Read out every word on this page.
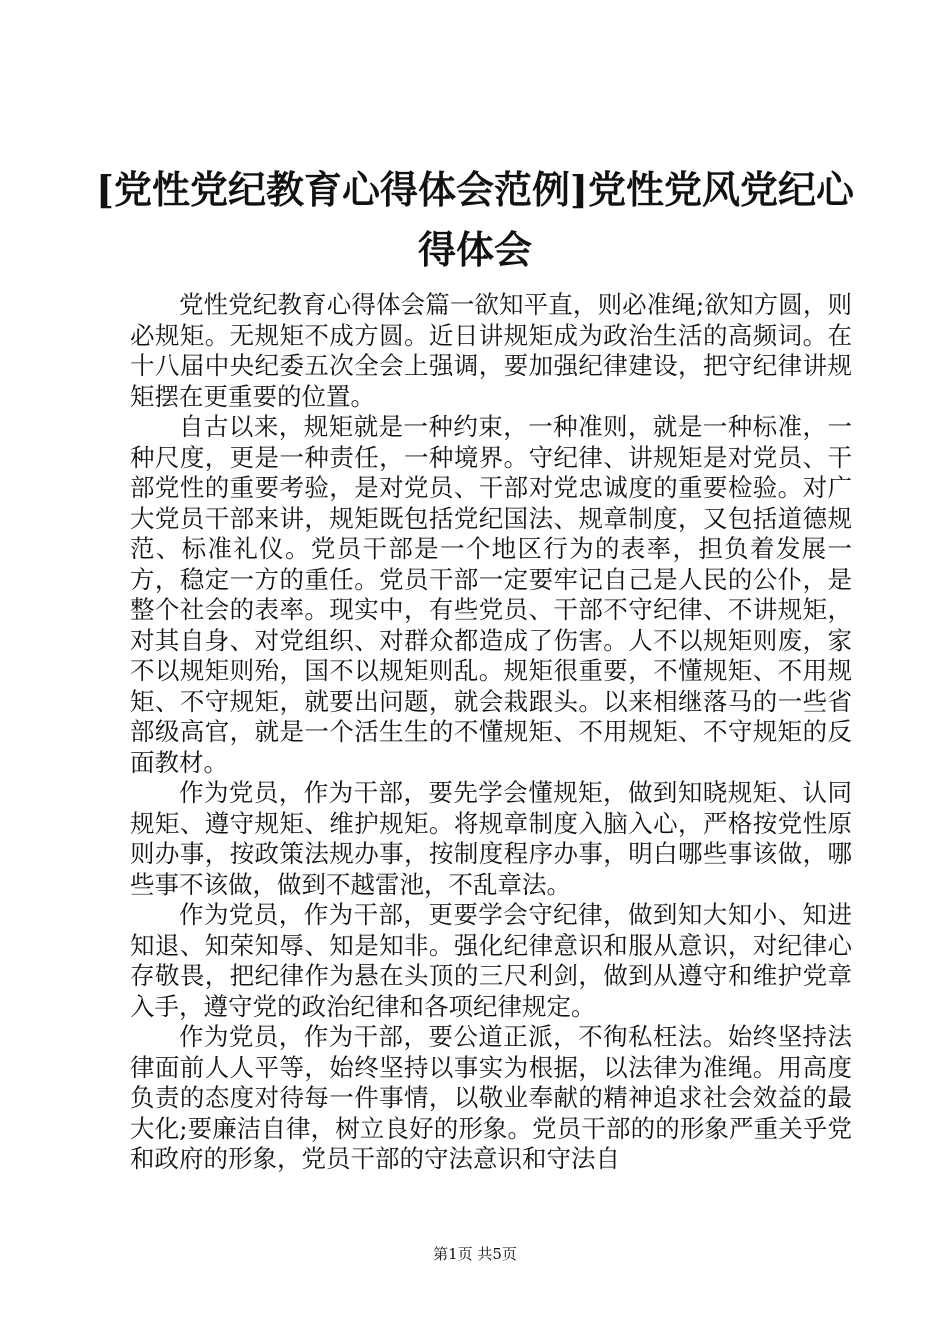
[党性党纪教育心得体会范例]党性党风党纪心得体会

党性党纪教育心得体会篇一欲知平直，则必准绳;欲知方圆，则必规矩。无规矩不成方圆。近日讲规矩成为政治生活的高频词。在十八届中央纪委五次全会上强调，要加强纪律建设，把守纪律讲规矩摆在更重要的位置。

自古以来，规矩就是一种约束，一种准则，就是一种标准，一种尺度，更是一种责任，一种境界。守纪律、讲规矩是对党员、干部党性的重要考验，是对党员、干部对党忠诚度的重要检验。对广大党员干部来讲，规矩既包括党纪国法、规章制度，又包括道德规范、标准礼仪。党员干部是一个地区行为的表率，担负着发展一方，稳定一方的重任。党员干部一定要牢记自己是人民的公仆，是整个社会的表率。现实中，有些党员、干部不守纪律、不讲规矩，对其自身、对党组织、对群众都造成了伤害。人不以规矩则废，家不以规矩则殆，国不以规矩则乱。规矩很重要，不懂规矩、不用规矩、不守规矩，就要出问题，就会栽跟头。以来相继落马的一些省部级高官，就是一个活生生的不懂规矩、不用规矩、不守规矩的反面教材。

作为党员，作为干部，要先学会懂规矩，做到知晓规矩、认同规矩、遵守规矩、维护规矩。将规章制度入脑入心，严格按党性原则办事，按政策法规办事，按制度程序办事，明白哪些事该做，哪些事不该做，做到不越雷池，不乱章法。

作为党员，作为干部，更要学会守纪律，做到知大知小、知进知退、知荣知辱、知是知非。强化纪律意识和服从意识，对纪律心存敬畏，把纪律作为悬在头顶的三尺利剑，做到从遵守和维护党章入手，遵守党的政治纪律和各项纪律规定。

作为党员，作为干部，要公道正派，不徇私枉法。始终坚持法律面前人人平等，始终坚持以事实为根据，以法律为准绳。用高度负责的态度对待每一件事情，以敬业奉献的精神追求社会效益的最大化;要廉洁自律，树立良好的形象。党员干部的的形象严重关乎党和政府的形象，党员干部的守法意识和守法自

第1页 共5页
